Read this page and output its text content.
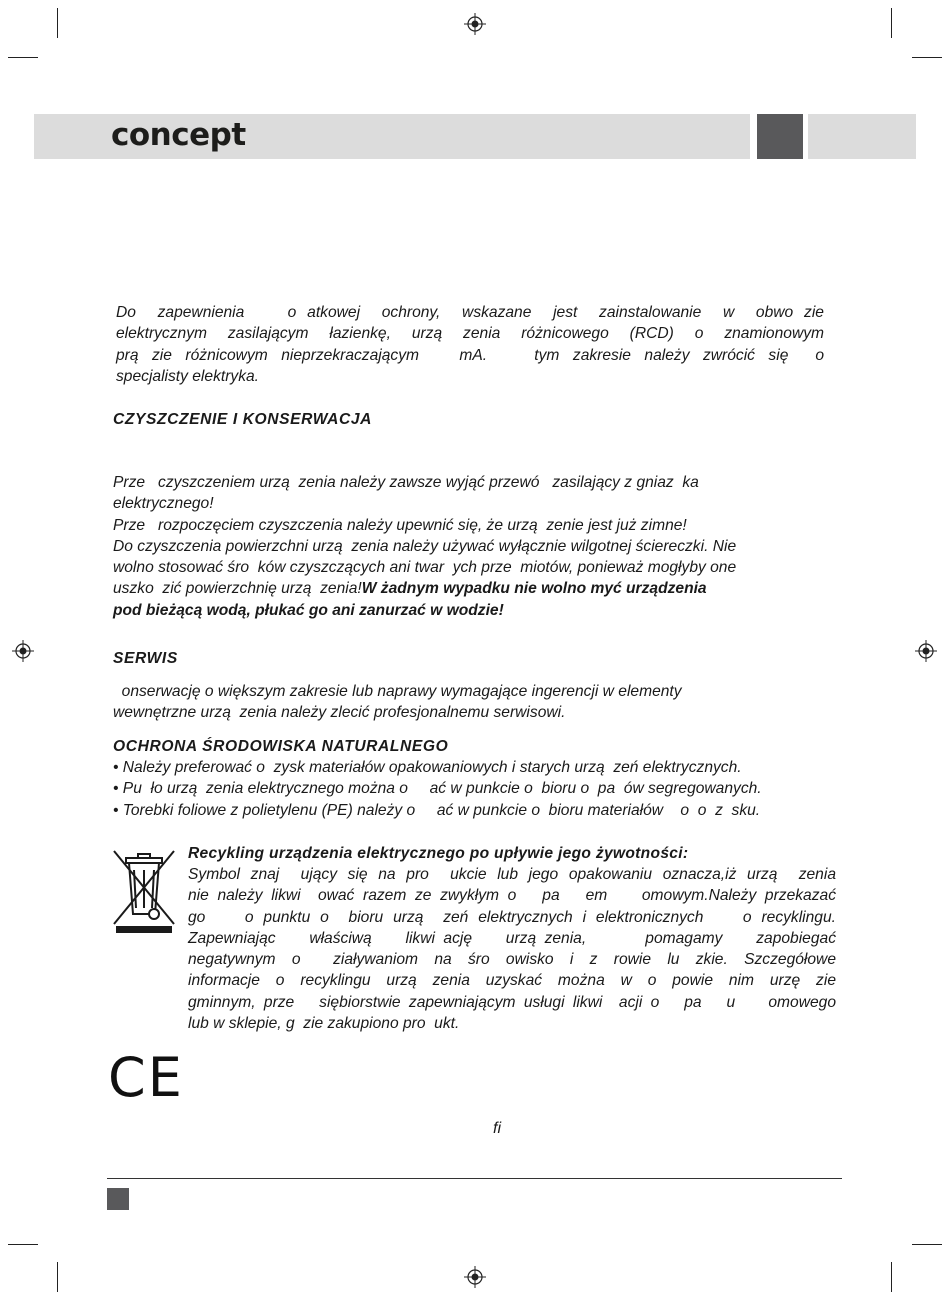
concept
Do  zapewnienia    o atkowej  ochrony,  wskazane  jest  zainstalowanie  w  obwo zie
elektrycznym  zasilającym  łazienkę,  urzą  zenia  różnicowego  (RCD)  o  znamionowym
prą  zie  różnicowym  nieprzekraczającym      mA.       tym  zakresie  należy  zwrócić  się    o
specjalisty elektryka.
CZYSZCZENIE I KONSERWACJA
Prze   czyszczeniem urzą  zenia należy zawsze wyjąć przewó   zasilający z gniaz  ka
elektrycznego!
Prze   rozpoczęciem czyszczenia należy upewnić się, że urzą  zenie jest już zimne!
Do czyszczenia powierzchni urzą  zenia należy używać wyłącznie wilgotnej ściereczki. Nie
wolno stosować śro  ków czyszczących ani twar  ych prze  miotów, ponieważ mogłyby one
uszko  zić powierzchnię urzą  zenia!W żadnym wypadku nie wolno myć urządzenia
pod bieżącą wodą, płukać go ani zanurzać w wodzie!
SERWIS
onserwację o większym zakresie lub naprawy wymagające ingerencji w elementy
wewnętrzne urzą  zenia należy zlecić profesjonalnemu serwisowi.
OCHRONA ŚRODOWISKA NATURALNEGO
• Należy preferować o  zysk materiałów opakowaniowych i starych urzą  zeń elektrycznych.
• Pu  ło urzą  zenia elektrycznego można o     ać w punkcie o  bioru o  pa  ów segregowanych.
• Torebki foliowe z polietylenu (PE) należy o     ać w punkcie o  bioru materiałów    o  o  z  sku.
Recykling urządzenia elektrycznego po upływie jego żywotności:
Symbol znaj  ujący się na pro  ukcie lub jego opakowaniu oznacza,iż urzą  zenia
nie należy likwi  ować razem ze zwykłym o   pa   em    omowym.Należy przekazać
go    o punktu o  bioru urzą  zeń elektrycznych i elektronicznych    o recyklingu.
Zapewniając    właściwą    likwi ację    urzą zenia,       pomagamy    zapobiegać
negatywnym  o    ziaływaniom  na  śro  owisko  i  z  rowie  lu  zkie.  Szczegółowe
informacje  o  recyklingu  urzą  zenia  uzyskać  można  w  o  powie  nim  urzę  zie
gminnym, prze   siębiorstwie zapewniającym usługi likwi  acji o   pa   u    omowego
lub w sklepie, g  zie zakupiono pro  ukt.
CE
fi
